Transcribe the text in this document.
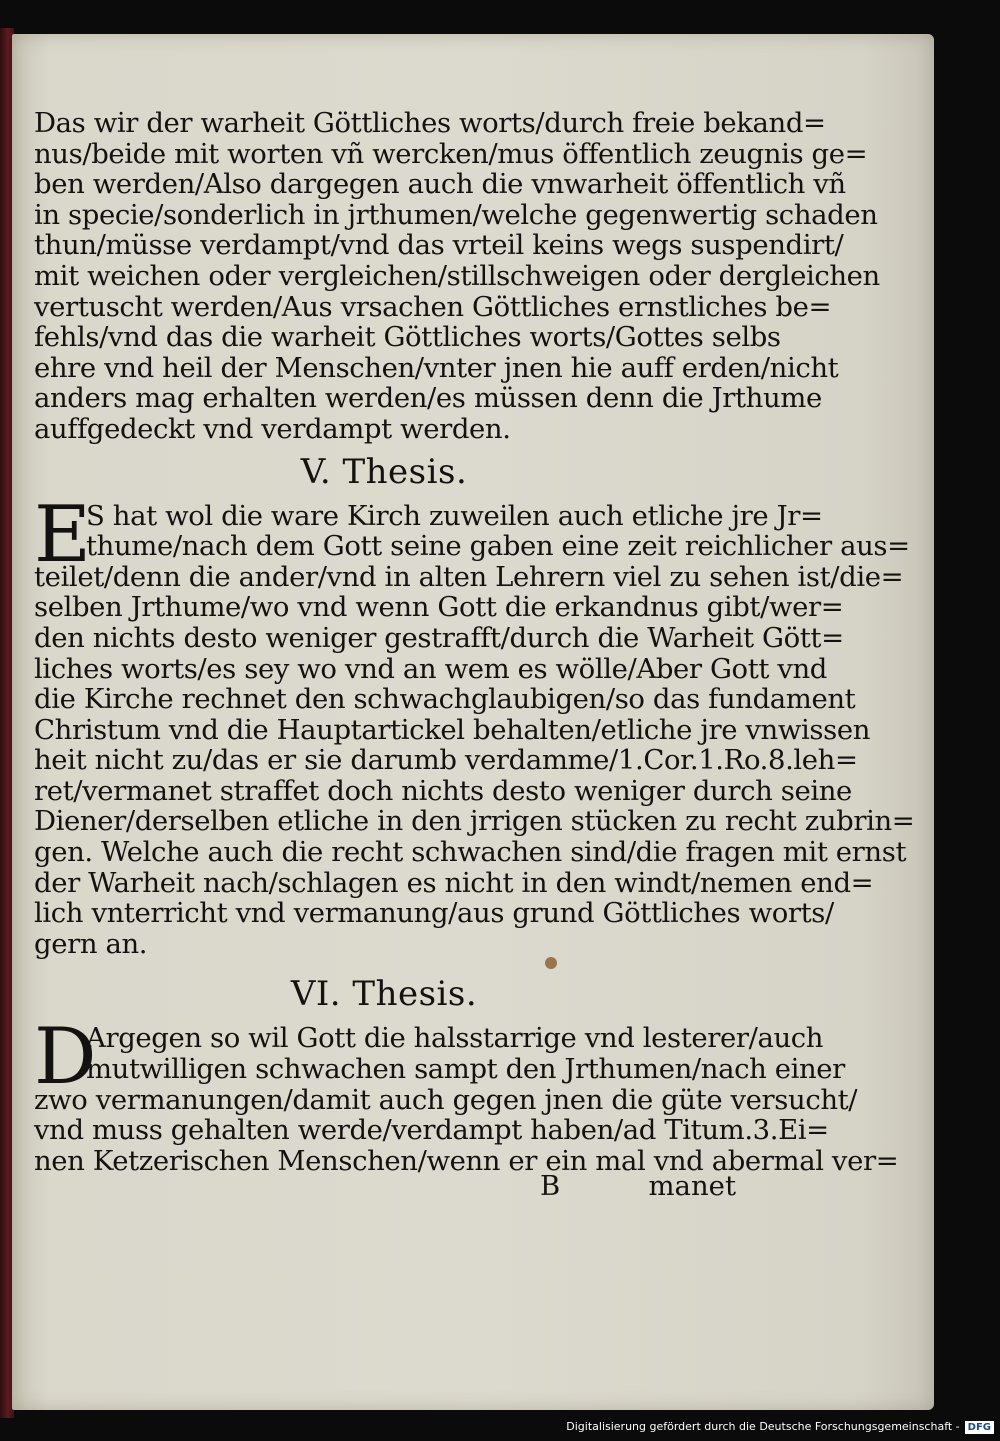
Das wir der warheit Göttliches worts/durch freie bekand=
nus/beide mit worten vñ wercken/mus öffentlich zeugnis ge=
ben werden/Also dargegen auch die vnwarheit öffentlich vñ
in specie/sonderlich in jrthumen/welche gegenwertig schaden
thun/müsse verdampt/vnd das vrteil keins wegs suspendirt/
mit weichen oder vergleichen/stillschweigen oder dergleichen
vertuscht werden/Aus vrsachen Göttliches ernstliches be=
fehls/vnd das die warheit Göttliches worts/Gottes selbs
ehre vnd heil der Menschen/vnter jnen hie auff erden/nicht
anders mag erhalten werden/es müssen denn die Jrthume
auffgedeckt vnd verdampt werden.
V. Thesis.
E
S hat wol die ware Kirch zuweilen auch etliche jre Jr=
thume/nach dem Gott seine gaben eine zeit reichlicher aus=
teilet/denn die ander/vnd in alten Lehrern viel zu sehen ist/die=
selben Jrthume/wo vnd wenn Gott die erkandnus gibt/wer=
den nichts desto weniger gestrafft/durch die Warheit Gött=
liches worts/es sey wo vnd an wem es wölle/Aber Gott vnd
die Kirche rechnet den schwachglaubigen/so das fundament
Christum vnd die Hauptartickel behalten/etliche jre vnwissen
heit nicht zu/das er sie darumb verdamme/1.Cor.1.Ro.8.leh=
ret/vermanet straffet doch nichts desto weniger durch seine
Diener/derselben etliche in den jrrigen stücken zu recht zubrin=
gen. Welche auch die recht schwachen sind/die fragen mit ernst
der Warheit nach/schlagen es nicht in den windt/nemen end=
lich vnterricht vnd vermanung/aus grund Göttliches worts/
gern an.
VI. Thesis.
D
Argegen so wil Gott die halsstarrige vnd lesterer/auch
mutwilligen schwachen sampt den Jrthumen/nach einer
zwo vermanungen/damit auch gegen jnen die güte versucht/
vnd muss gehalten werde/verdampt haben/ad Titum.3.Ei=
nen Ketzerischen Menschen/wenn er ein mal vnd abermal ver=
B	manet
Digitalisierung gefördert durch die Deutsche Forschungsgemeinschaft - DFG
